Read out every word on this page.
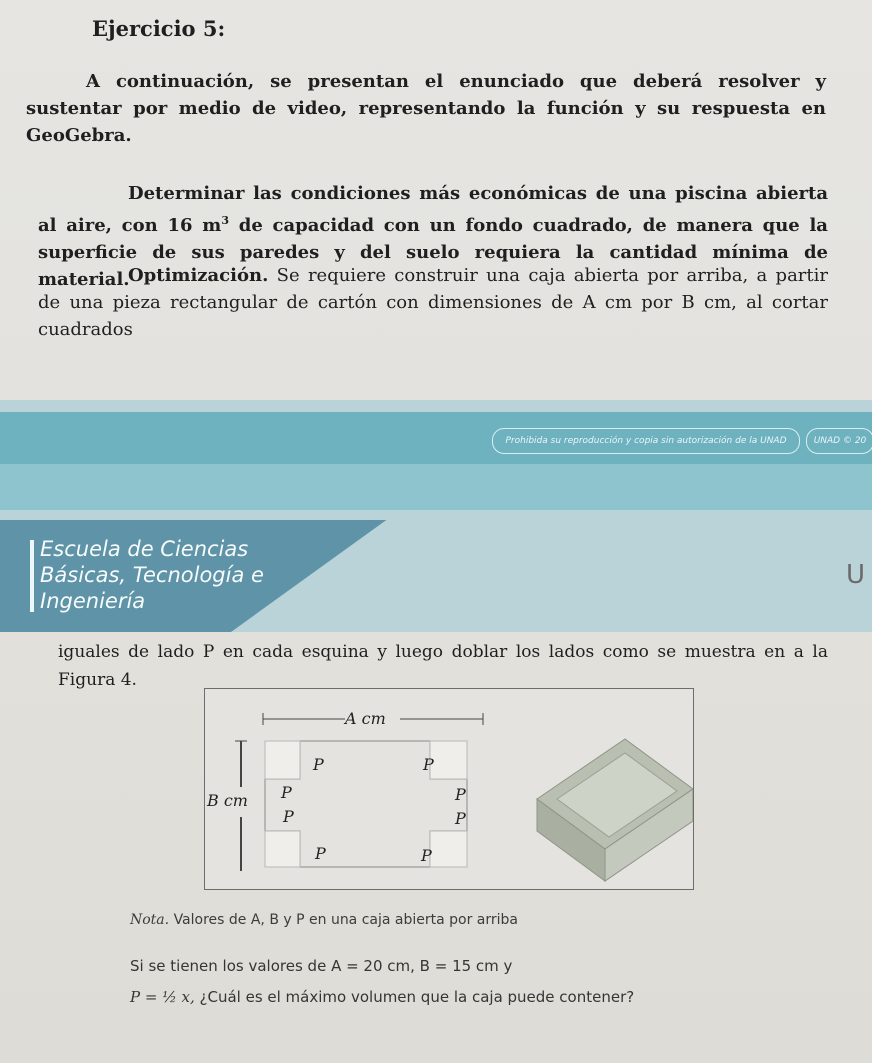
Ejercicio 5:
A continuación, se presentan el enunciado que deberá resolver y sustentar por medio de video, representando la función y su respuesta en GeoGebra.
Determinar las condiciones más económicas de una piscina abierta al aire, con 16 $m^3$ de capacidad con un fondo cuadrado, de manera que la superficie de sus paredes y del suelo requiera la cantidad mínima de material.
Optimización. Se requiere construir una caja abierta por arriba, a partir de una pieza rectangular de cartón con dimensiones de A cm por B cm, al cortar cuadrados
Prohibida su reproducción y copia sin autorización de la UNAD	UNAD © 20
Escuela de Ciencias
Básicas, Tecnología e
Ingeniería
U
iguales de lado P en cada esquina y luego doblar los lados como se muestra en a la Figura 4.
A cm
B cm
P	P
P	P
P	P
P	P
Nota. Valores de A, B y P en una caja abierta por arriba
Si se tienen los valores de A = 20 cm, B = 15 cm y
P = ½ x, ¿Cuál es el máximo volumen que la caja puede contener?
